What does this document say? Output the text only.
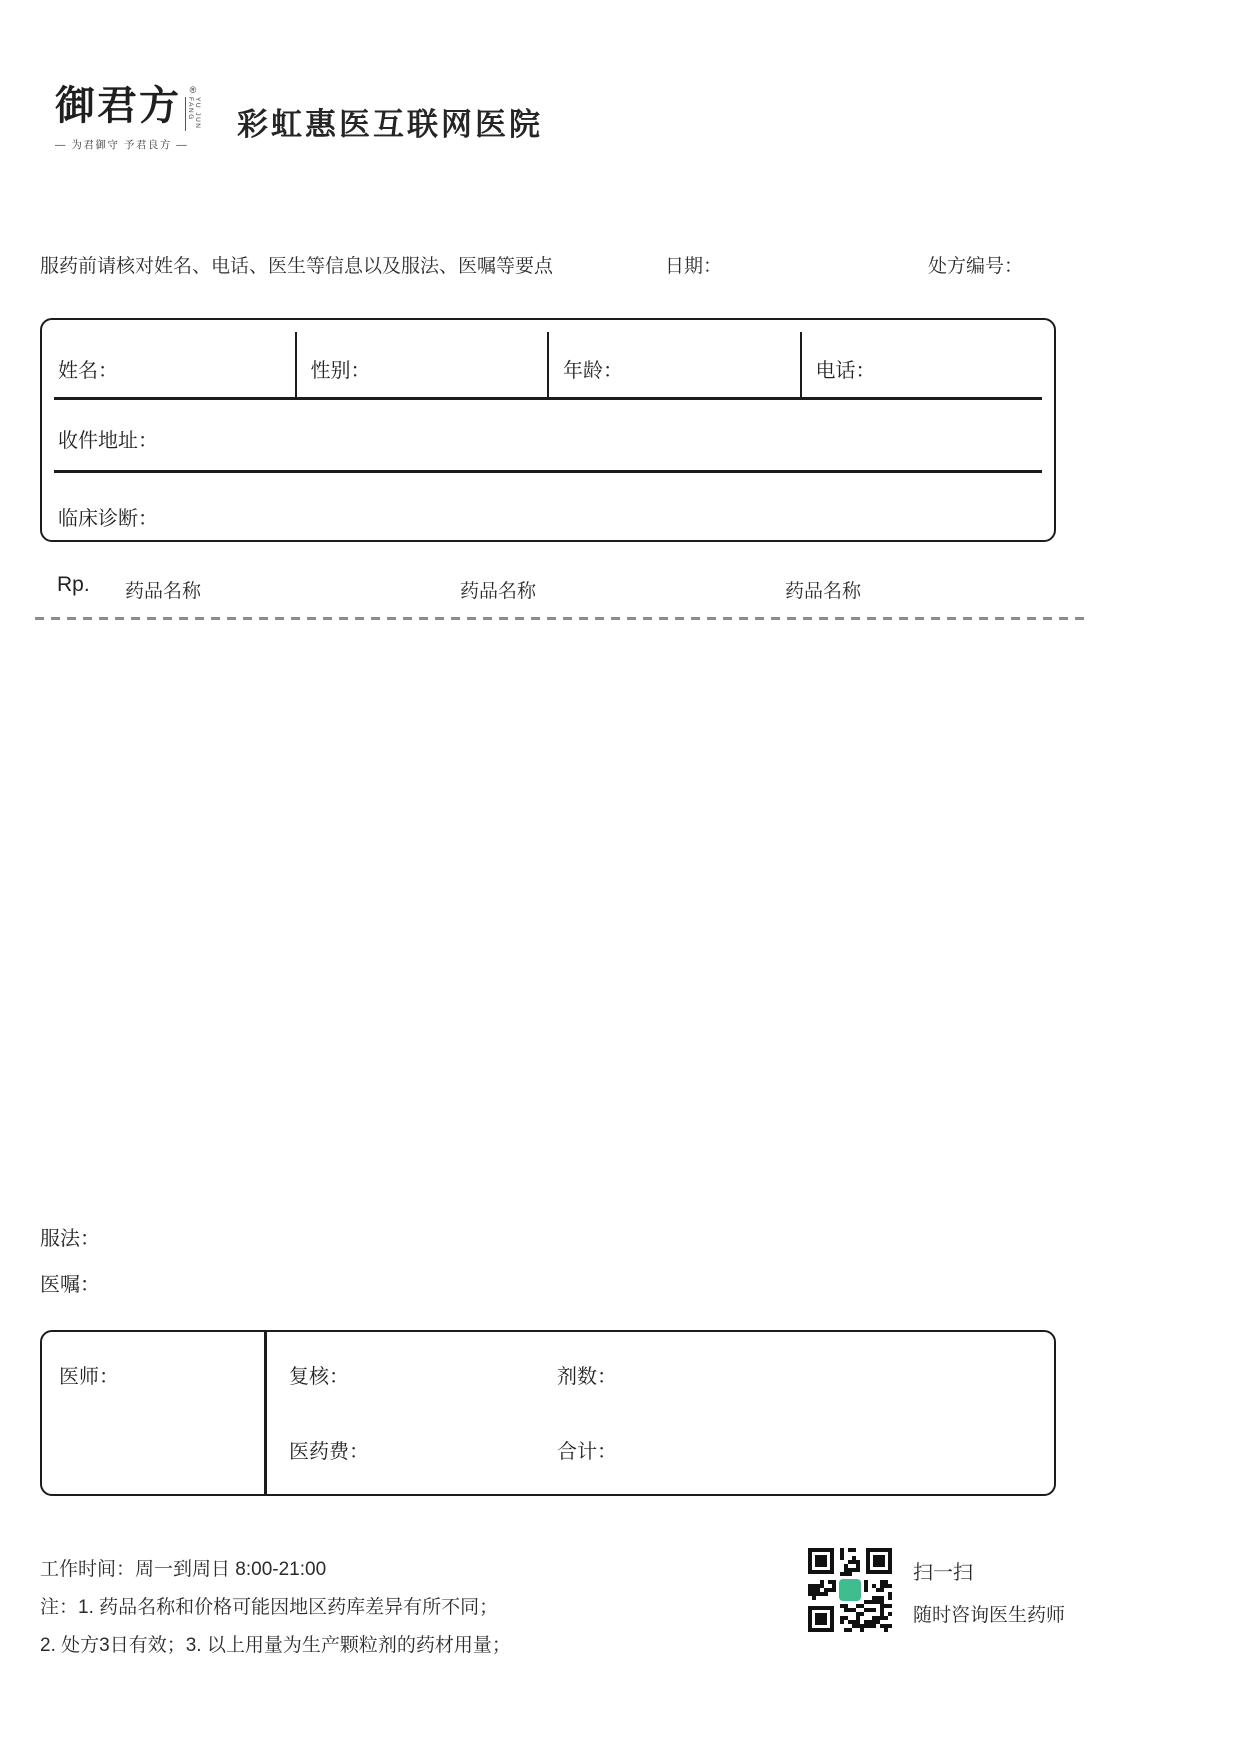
御君方 ®
YU JUN FANG
— 为君御守 予君良方 —
彩虹惠医互联网医院
服药前请核对姓名、电话、医生等信息以及服法、医嘱等要点	日期：	处方编号：
姓名：	性别：	年龄：	电话：
收件地址：
临床诊断：
Rp. 药品名称	药品名称	药品名称
服法：
医嘱：
医师：	复核：	剂数：
医药费：	合计：
工作时间：周一到周日 8:00-21:00
注：1. 药品名称和价格可能因地区药库差异有所不同；
2. 处方3日有效；3. 以上用量为生产颗粒剂的药材用量；
扫一扫
随时咨询医生药师
